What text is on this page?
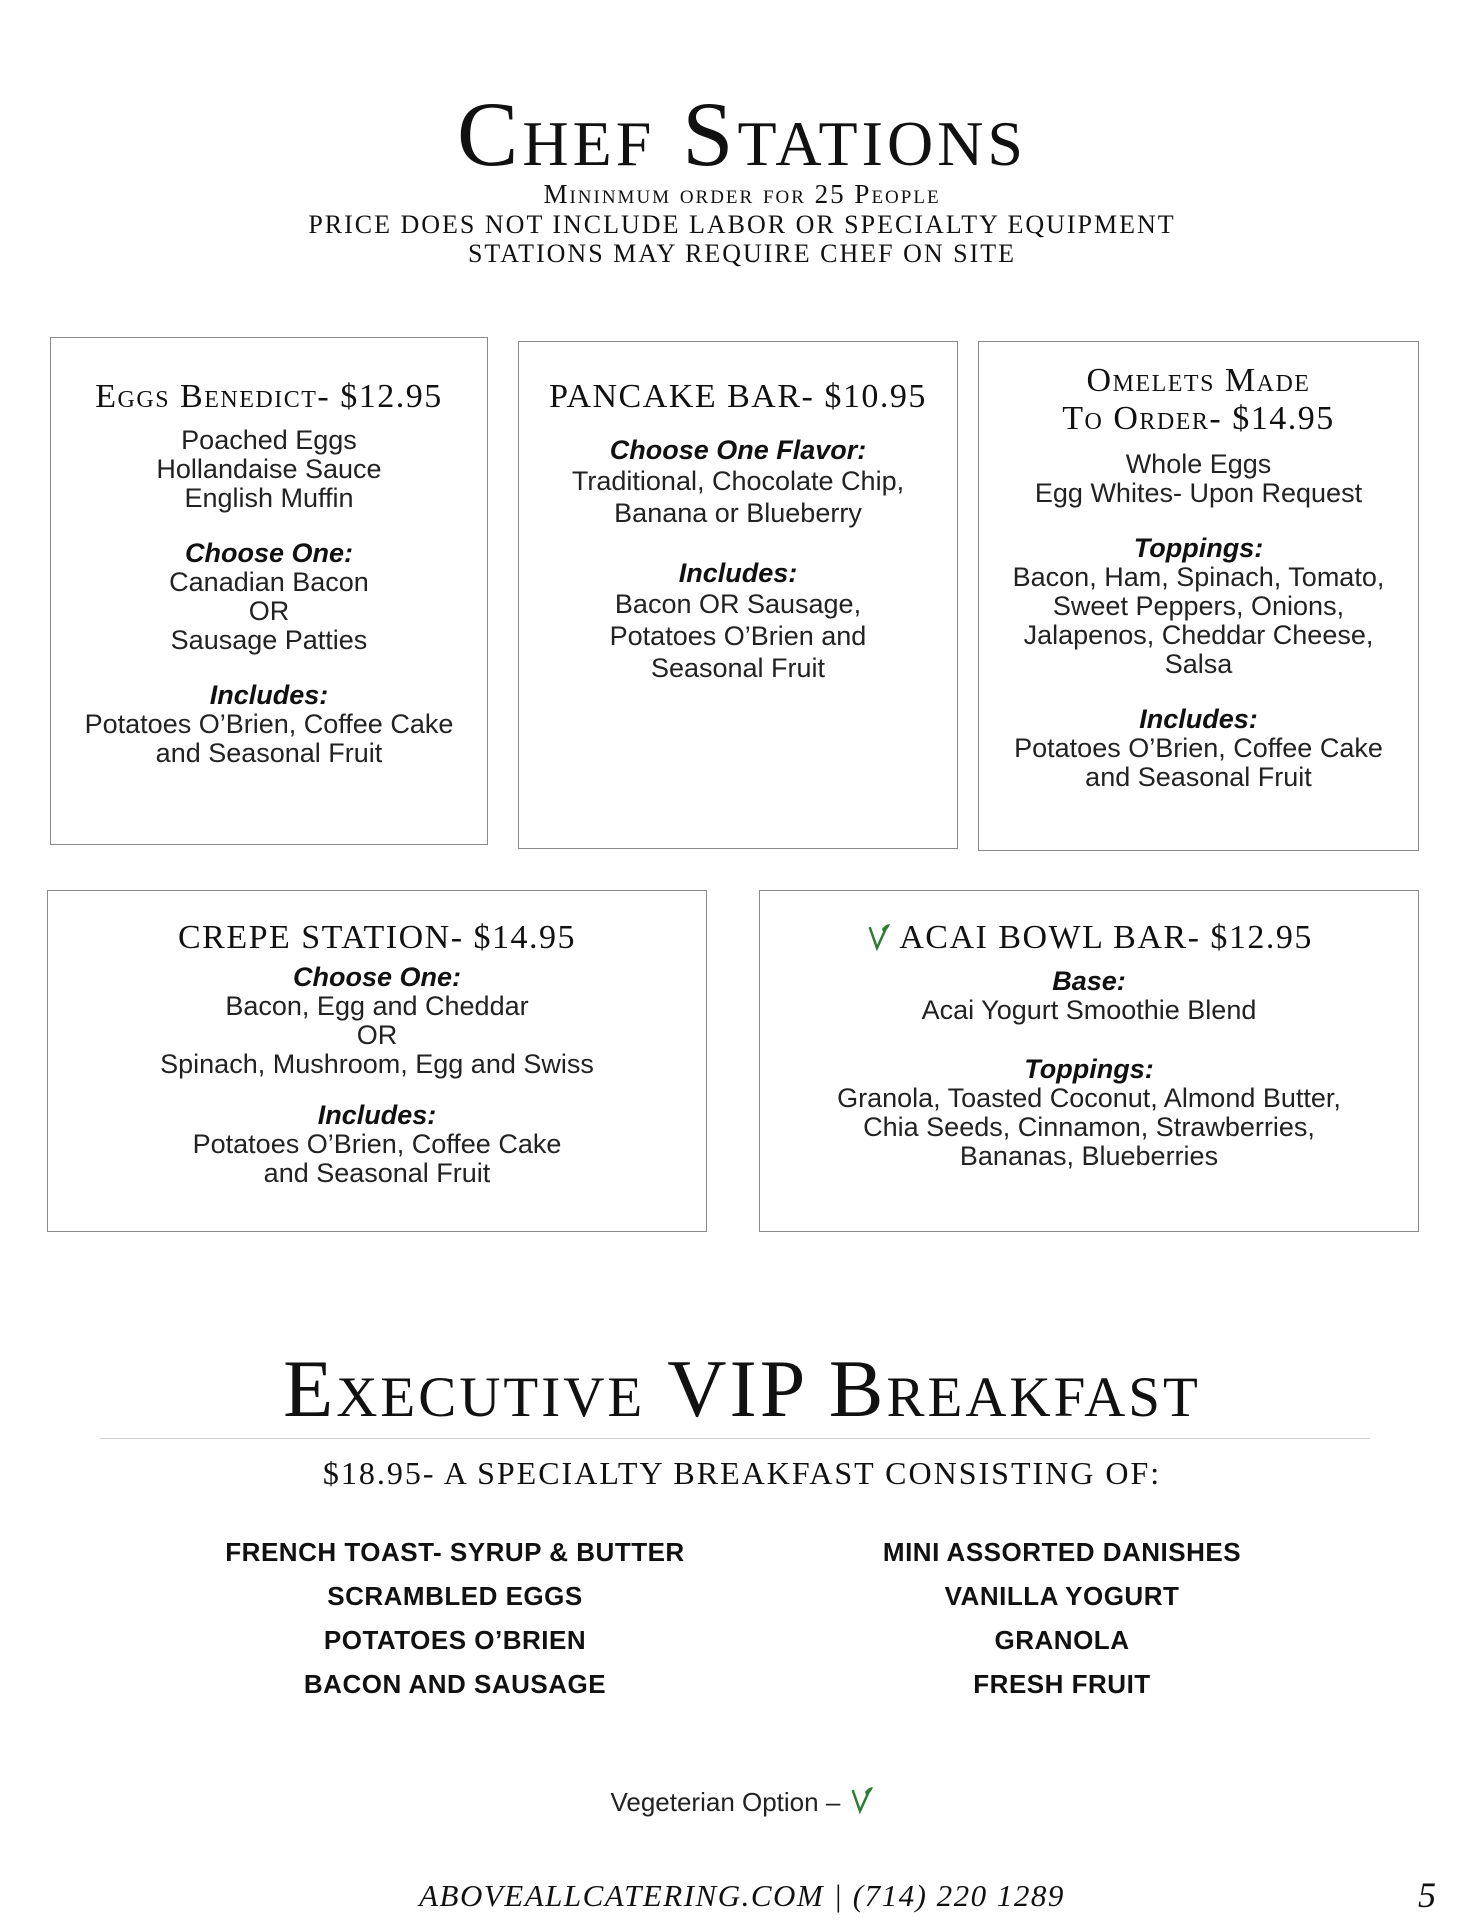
Chef Stations
Mininmum order for 25 People
PRICE DOES NOT INCLUDE LABOR OR SPECIALTY EQUIPMENT
STATIONS MAY REQUIRE CHEF ON SITE
Eggs Benedict- $12.95
Poached Eggs
Hollandaise Sauce
English Muffin
Choose One:
Canadian Bacon
OR
Sausage Patties
Includes:
Potatoes O’Brien, Coffee Cake
and Seasonal Fruit
PANCAKE BAR- $10.95
Choose One Flavor:
Traditional, Chocolate Chip,
Banana or Blueberry
Includes:
Bacon OR Sausage,
Potatoes O’Brien and
Seasonal Fruit
Omelets Made
To Order- $14.95
Whole Eggs
Egg Whites- Upon Request
Toppings:
Bacon, Ham, Spinach, Tomato,
Sweet Peppers, Onions,
Jalapenos, Cheddar Cheese,
Salsa
Includes:
Potatoes O’Brien, Coffee Cake
and Seasonal Fruit
CREPE STATION- $14.95
Choose One:
Bacon, Egg and Cheddar
OR
Spinach, Mushroom, Egg and Swiss
Includes:
Potatoes O’Brien, Coffee Cake
and Seasonal Fruit
ACAI BOWL BAR- $12.95
Base:
Acai Yogurt Smoothie Blend
Toppings:
Granola, Toasted Coconut, Almond Butter,
Chia Seeds, Cinnamon, Strawberries,
Bananas, Blueberries
Executive VIP Breakfast
$18.95- A SPECIALTY BREAKFAST CONSISTING OF:
FRENCH TOAST- SYRUP & BUTTER
SCRAMBLED EGGS
POTATOES O’BRIEN
BACON AND SAUSAGE
MINI ASSORTED DANISHES
VANILLA YOGURT
GRANOLA
FRESH FRUIT
Vegeterian Option –
ABOVEALLCATERING.COM | (714) 220 1289	5
